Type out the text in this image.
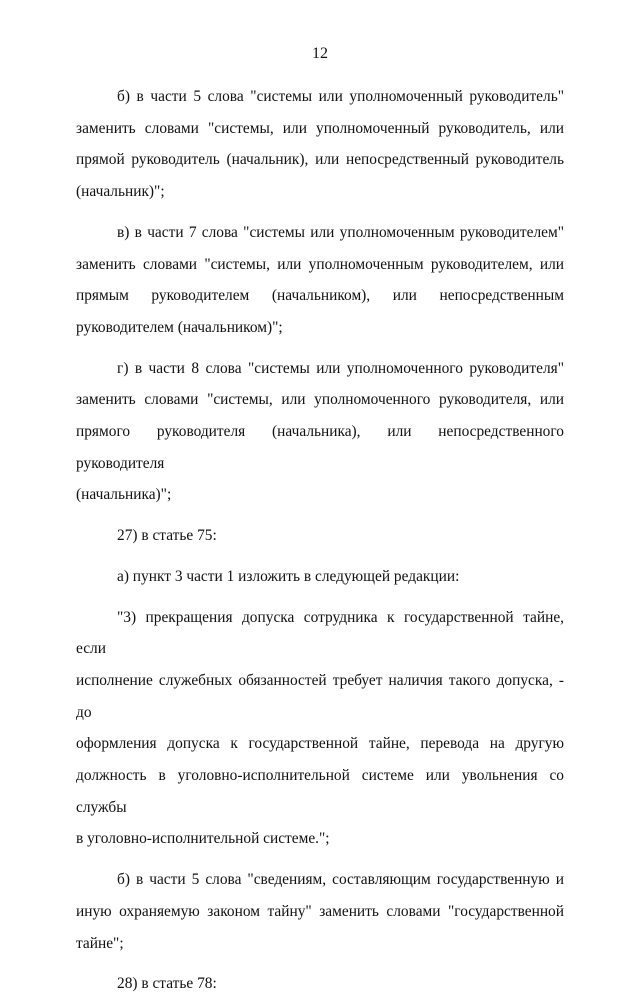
12

б) в части 5 слова "системы или уполномоченный руководитель"
заменить словами "системы, или уполномоченный руководитель, или
прямой руководитель (начальник), или непосредственный руководитель
(начальник)";

в) в части 7 слова "системы или уполномоченным руководителем"
заменить словами "системы, или уполномоченным руководителем, или
прямым руководителем (начальником), или непосредственным
руководителем (начальником)";

г) в части 8 слова "системы или уполномоченного руководителя"
заменить словами "системы, или уполномоченного руководителя, или
прямого руководителя (начальника), или непосредственного руководителя
(начальника)";

27) в статье 75:

а) пункт 3 части 1 изложить в следующей редакции:

"3) прекращения допуска сотрудника к государственной тайне, если
исполнение служебных обязанностей требует наличия такого допуска, - до
оформления допуска к государственной тайне, перевода на другую
должность в уголовно-исполнительной системе или увольнения со службы
в уголовно-исполнительной системе.";

б) в части 5 слова "сведениям, составляющим государственную и
иную охраняемую законом тайну" заменить словами "государственной
тайне";

28) в статье 78:
